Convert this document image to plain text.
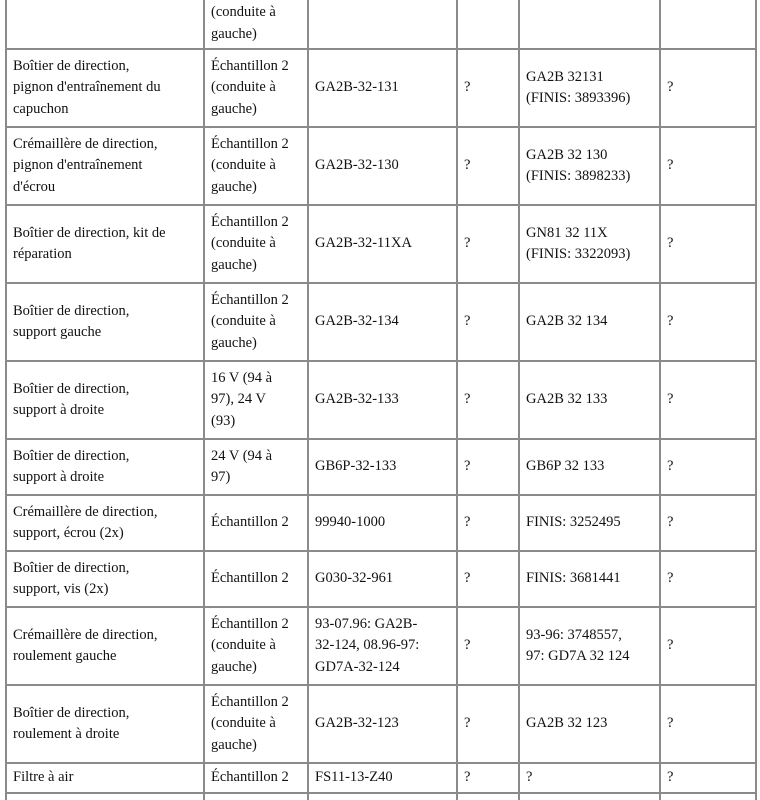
	(conduite à
gauche)				

Boîtier de direction,
pignon d'entraînement du
capuchon	Échantillon 2
(conduite à
gauche)	GA2B-32-131	?	GA2B 32131
(FINIS: 3893396)	?

Crémaillère de direction,
pignon d'entraînement
d'écrou	Échantillon 2
(conduite à
gauche)	GA2B-32-130	?	GA2B 32 130
(FINIS: 3898233)	?

Boîtier de direction, kit de
réparation	Échantillon 2
(conduite à
gauche)	GA2B-32-11XA	?	GN81 32 11X
(FINIS: 3322093)	?

Boîtier de direction,
support gauche	Échantillon 2
(conduite à
gauche)	GA2B-32-134	?	GA2B 32 134	?

Boîtier de direction,
support à droite	16 V (94 à
97), 24 V
(93)	GA2B-32-133	?	GA2B 32 133	?

Boîtier de direction,
support à droite	24 V (94 à
97)	GB6P-32-133	?	GB6P 32 133	?

Crémaillère de direction,
support, écrou (2x)	Échantillon 2	99940-1000	?	FINIS: 3252495	?

Boîtier de direction,
support, vis (2x)	Échantillon 2	G030-32-961	?	FINIS: 3681441	?

Crémaillère de direction,
roulement gauche	Échantillon 2
(conduite à
gauche)	93-07.96: GA2B-
32-124, 08.96-97:
GD7A-32-124	?	93-96: 3748557,
97: GD7A 32 124	?

Boîtier de direction,
roulement à droite	Échantillon 2
(conduite à
gauche)	GA2B-32-123	?	GA2B 32 123	?

Filtre à air	Échantillon 2	FS11-13-Z40	?	?	?
